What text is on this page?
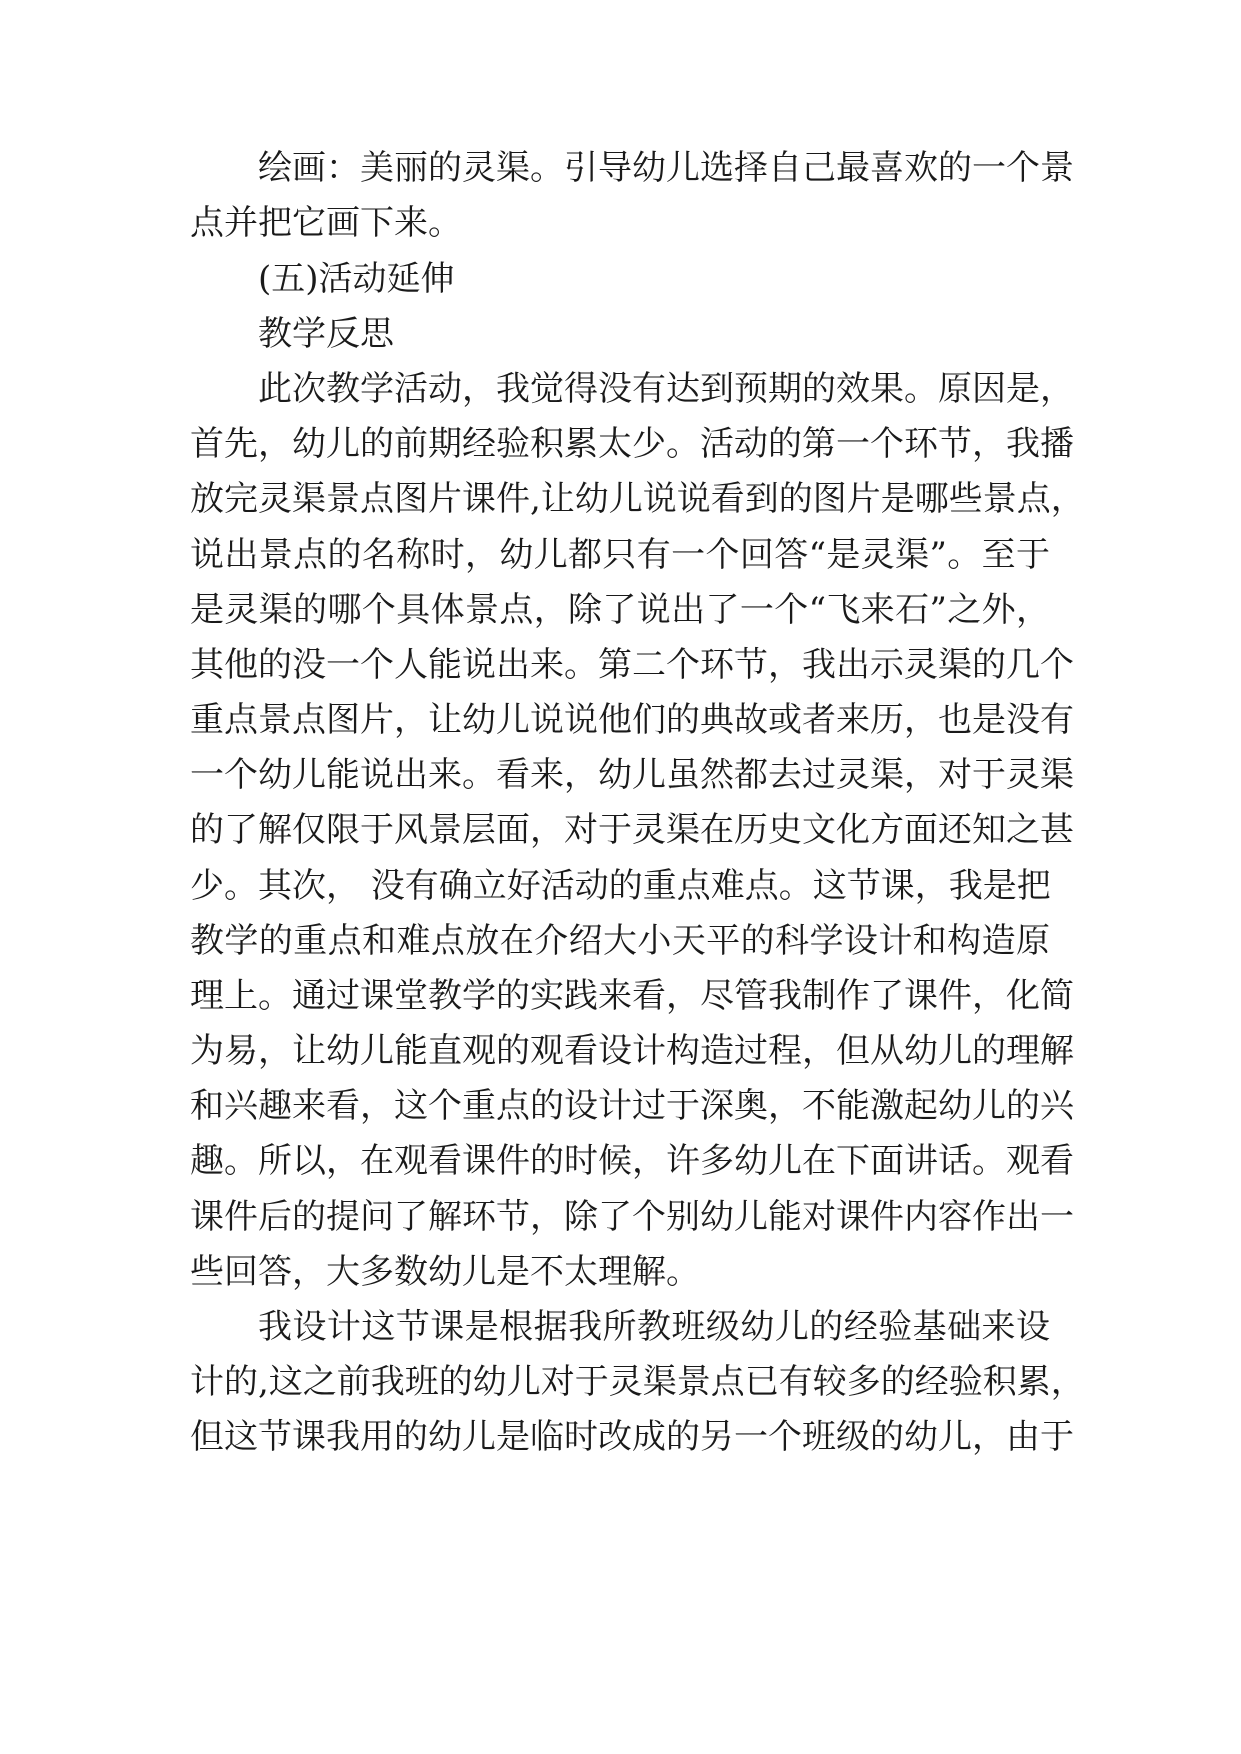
绘画：美丽的灵渠。引导幼儿选择自己最喜欢的一个景
点并把它画下来。
(五)活动延伸
教学反思
此次教学活动，我觉得没有达到预期的效果。原因是，
首先，幼儿的前期经验积累太少。活动的第一个环节，我播
放完灵渠景点图片课件,让幼儿说说看到的图片是哪些景点，
说出景点的名称时，幼儿都只有一个回答“是灵渠”。至于
是灵渠的哪个具体景点，除了说出了一个“飞来石”之外，
其他的没一个人能说出来。第二个环节，我出示灵渠的几个
重点景点图片，让幼儿说说他们的典故或者来历，也是没有
一个幼儿能说出来。看来，幼儿虽然都去过灵渠，对于灵渠
的了解仅限于风景层面，对于灵渠在历史文化方面还知之甚
少。其次， 没有确立好活动的重点难点。这节课，我是把
教学的重点和难点放在介绍大小天平的科学设计和构造原
理上。通过课堂教学的实践来看，尽管我制作了课件，化简
为易，让幼儿能直观的观看设计构造过程，但从幼儿的理解
和兴趣来看，这个重点的设计过于深奥，不能激起幼儿的兴
趣。所以，在观看课件的时候，许多幼儿在下面讲话。观看
课件后的提问了解环节，除了个别幼儿能对课件内容作出一
些回答，大多数幼儿是不太理解。
我设计这节课是根据我所教班级幼儿的经验基础来设
计的,这之前我班的幼儿对于灵渠景点已有较多的经验积累，
但这节课我用的幼儿是临时改成的另一个班级的幼儿，由于
